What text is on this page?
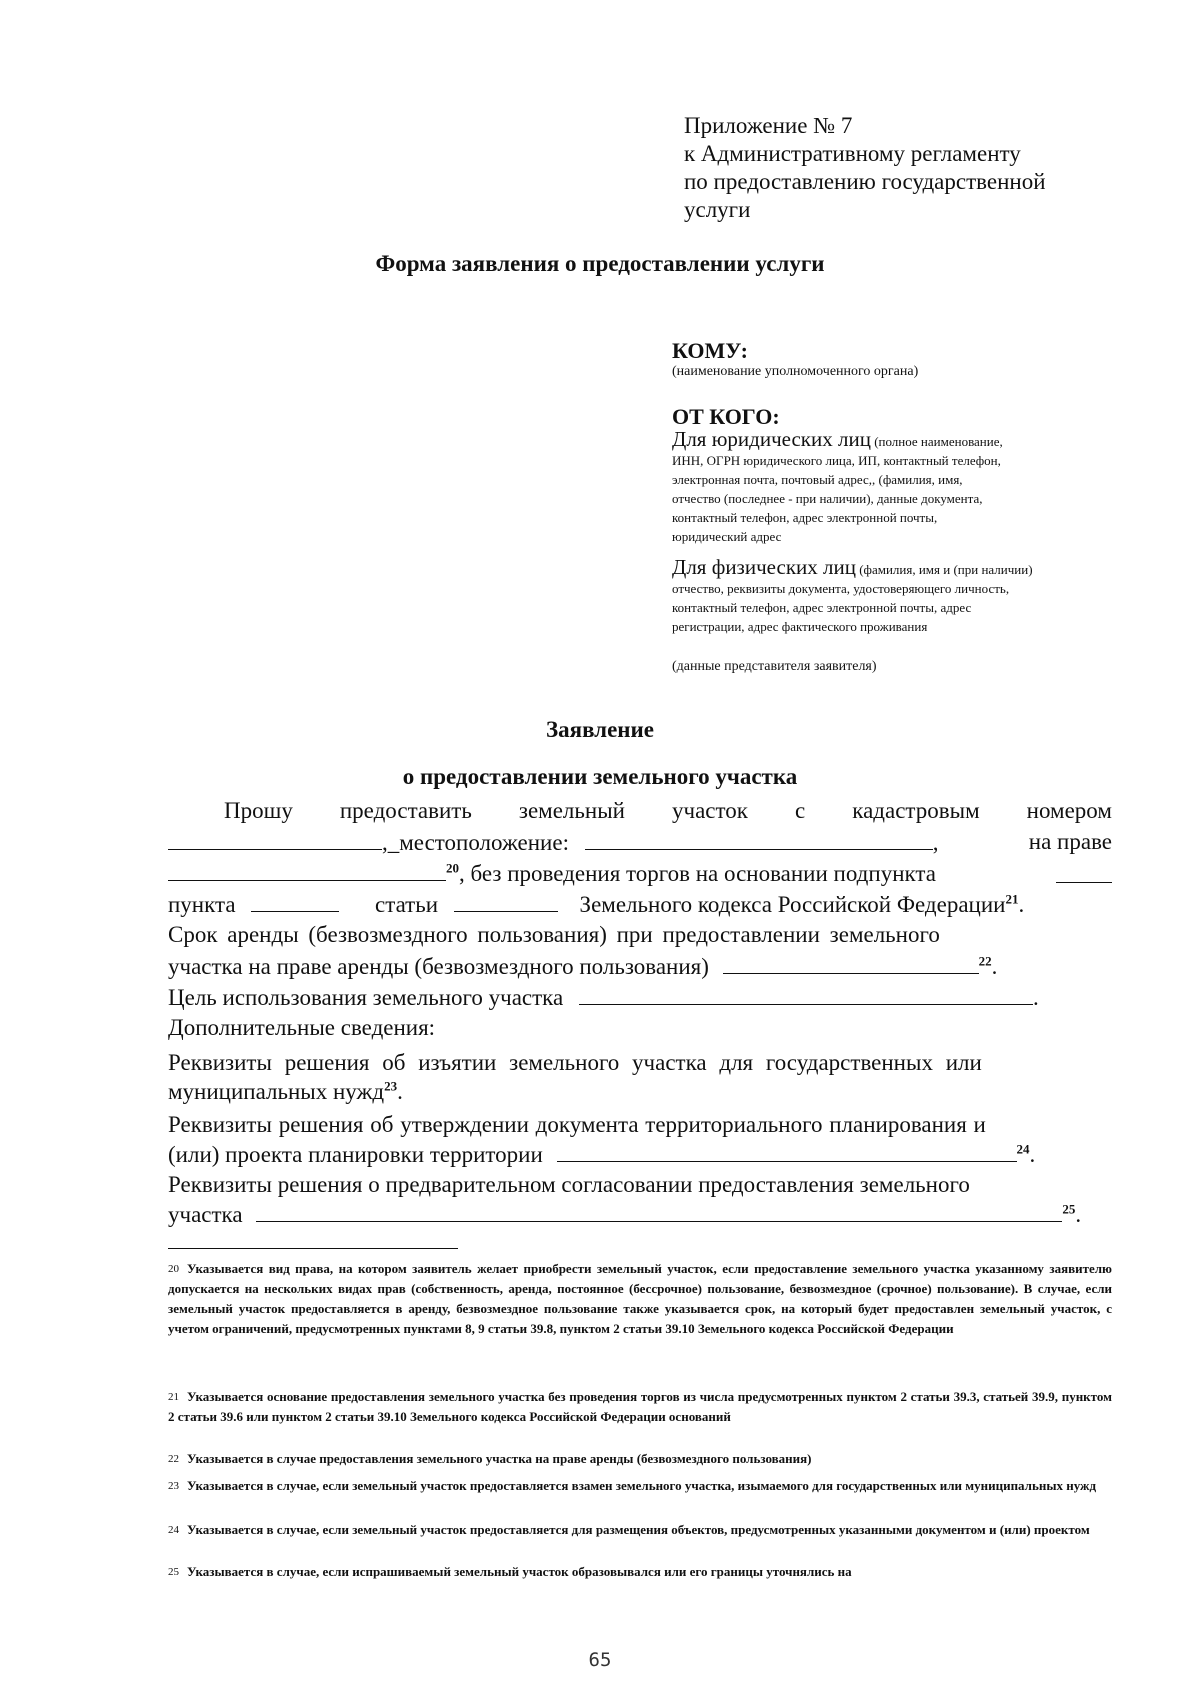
Приложение № 7
к Административному регламенту
по предоставлению государственной
услуги
Форма заявления о предоставлении услуги
КОМУ:
(наименование уполномоченного органа)
ОТ КОГО:
Для юридических лиц (полное наименование,
ИНН, ОГРН юридического лица, ИП, контактный телефон,
электронная почта, почтовый адрес,, (фамилия, имя,
отчество (последнее - при наличии), данные документа,
контактный телефон, адрес электронной почты,
юридический адрес
Для физических лиц (фамилия, имя и (при наличии)
отчество, реквизиты документа, удостоверяющего личность,
контактный телефон, адрес электронной почты, адрес
регистрации, адрес фактического проживания
(данные представителя заявителя)
Заявление
о предоставлении земельного участка
Прошу предоставить земельный участок с кадастровым номером
,_местоположение:	,	на праве
$^{20}$, без проведения торгов на основании подпункта
пункта	статьи	Земельного кодекса Российской Федерации$^{21}$.
Срок аренды (безвозмездного пользования) при предоставлении земельного
участка на праве аренды (безвозмездного пользования)	$^{22}$.
Цель использования земельного участка	.
Дополнительные сведения:
Реквизиты решения об изъятии земельного участка для государственных или
муниципальных нужд$^{23}$.
Реквизиты решения об утверждении документа территориального планирования и
(или) проекта планировки территории	$^{24}$.
Реквизиты решения о предварительном согласовании предоставления земельного
участка	$^{25}$.
$^{20}$ Указывается вид права, на котором заявитель желает приобрести земельный участок, если предоставление земельного участка указанному заявителю допускается на нескольких видах прав (собственность, аренда, постоянное (бессрочное) пользование, безвозмездное (срочное) пользование). В случае, если земельный участок предоставляется в аренду, безвозмездное пользование также указывается срок, на который будет предоставлен земельный участок, с учетом ограничений, предусмотренных пунктами 8, 9 статьи 39.8, пунктом 2 статьи 39.10 Земельного кодекса Российской Федерации
$^{21}$ Указывается основание предоставления земельного участка без проведения торгов из числа предусмотренных пунктом 2 статьи 39.3, статьей 39.9, пунктом 2 статьи 39.6 или пунктом 2 статьи 39.10 Земельного кодекса Российской Федерации оснований
$^{22}$ Указывается в случае предоставления земельного участка на праве аренды (безвозмездного пользования)
$^{23}$ Указывается в случае, если земельный участок предоставляется взамен земельного участка, изымаемого для государственных или муниципальных нужд
$^{24}$ Указывается в случае, если земельный участок предоставляется для размещения объектов, предусмотренных указанными документом и (или) проектом
$^{25}$ Указывается в случае, если испрашиваемый земельный участок образовывался или его границы уточнялись на
65
